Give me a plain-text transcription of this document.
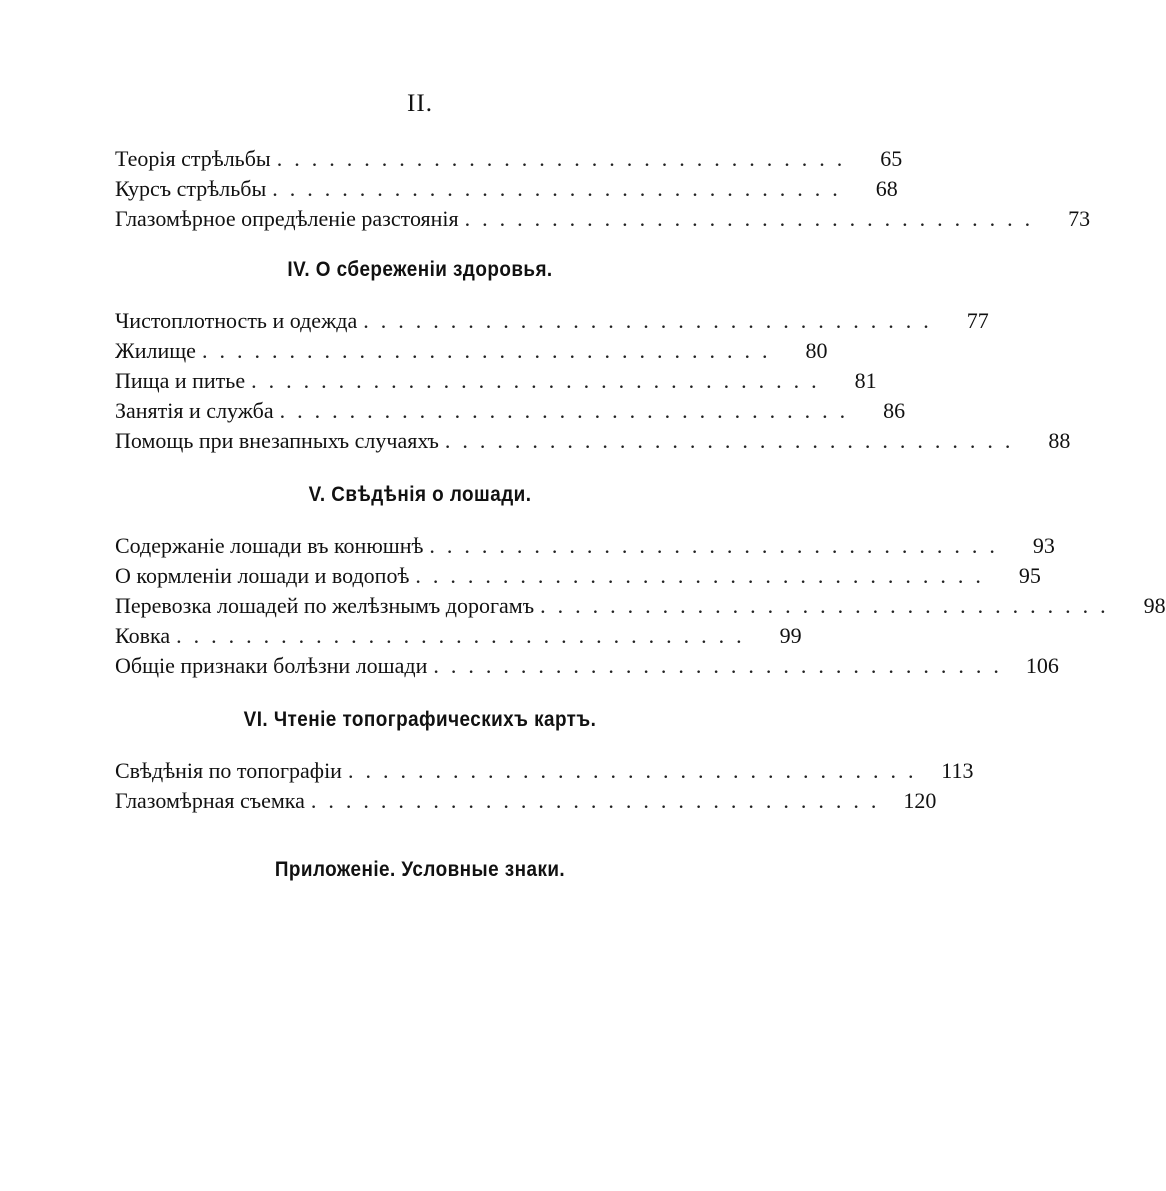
II.
Теорія стрѣльбы .................................	65
Курсъ стрѣльбы .................................	68
Глазомѣрное опредѣленіе разстоянія .................................	73
IV. О сбереженіи здоровья.
Чистоплотность и одежда .................................	77
Жилище .................................	80
Пища и питье .................................	81
Занятія и служба .................................	86
Помощь при внезапныхъ случаяхъ .................................	88
V. Свѣдѣнія о лошади.
Содержаніе лошади въ конюшнѣ .................................	93
О кормленіи лошади и водопоѣ .................................	95
Перевозка лошадей по желѣзнымъ дорогамъ .................................	98
Ковка .................................	99
Общіе признаки болѣзни лошади ................................. 106
VI. Чтеніе топографическихъ картъ.
Свѣдѣнія по топографіи ................................. 113
Глазомѣрная съемка ................................. 120
Приложеніе. Условные знаки.
